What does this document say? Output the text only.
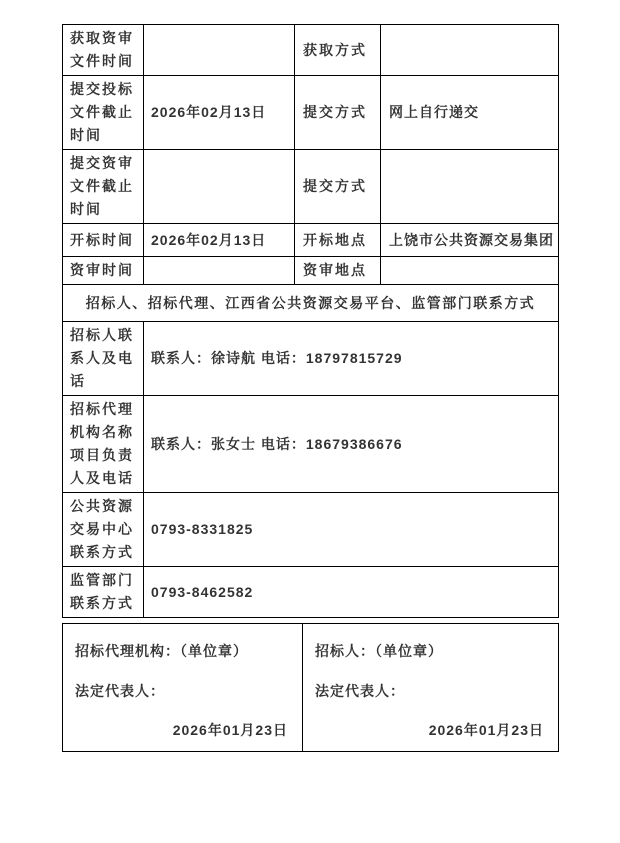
获取资审文件时间		获取方式	
提交投标文件截止时间	2026年02月13日	提交方式	网上自行递交
提交资审文件截止时间		提交方式	
开标时间	2026年02月13日	开标地点	上饶市公共资源交易集团
资审时间		资审地点	
招标人、招标代理、江西省公共资源交易平台、监管部门联系方式			
招标人联系人及电话	联系人：徐诗航 电话：18797815729		
招标代理机构名称项目负责人及电话	联系人：张女士 电话：18679386676		
公共资源交易中心联系方式	0793-8331825		
监管部门联系方式	0793-8462582		
招标代理机构：（单位章）
法定代表人：
2026年01月23日

招标人：（单位章）
法定代表人：
2026年01月23日
